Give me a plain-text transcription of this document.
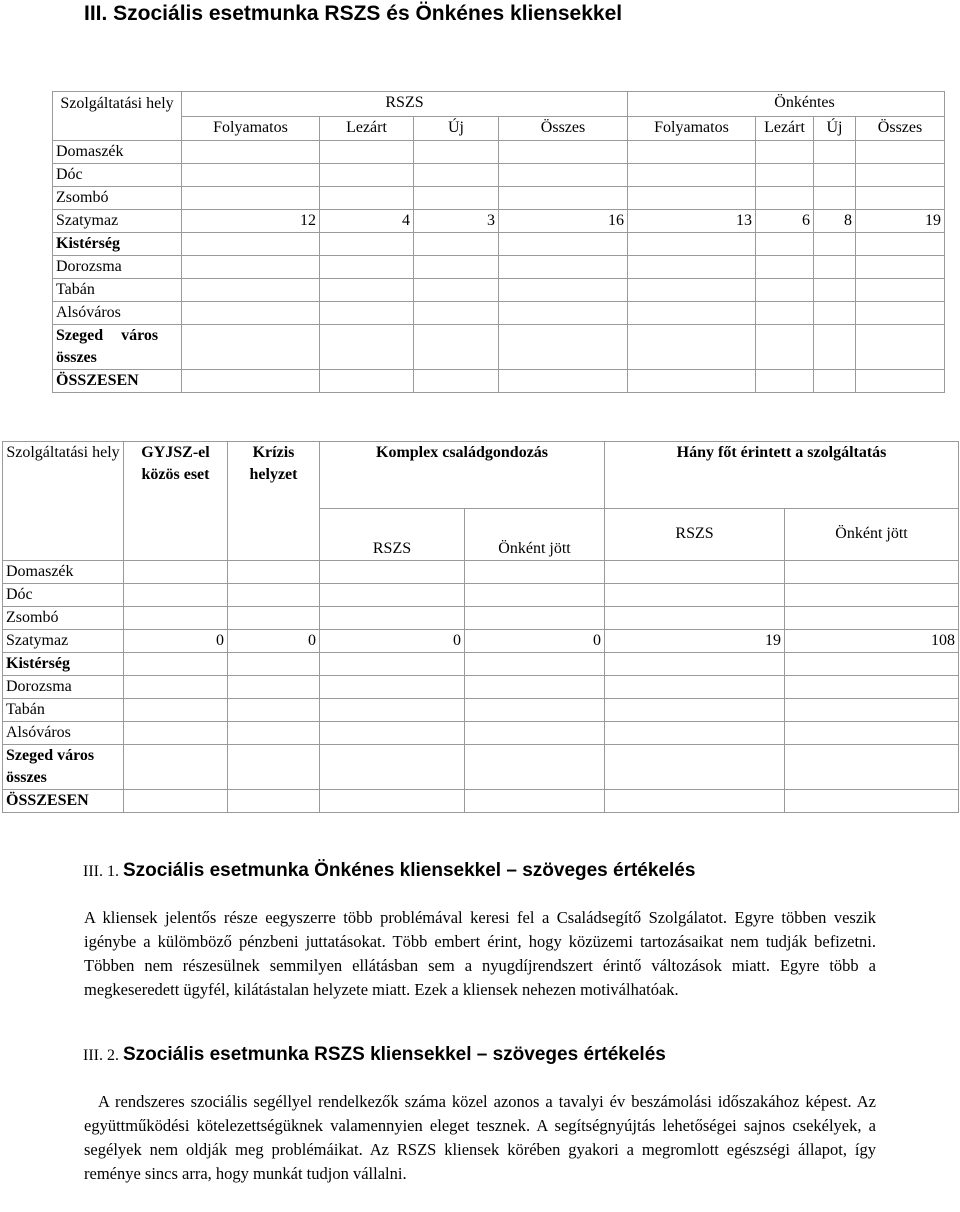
III. Szociális esetmunka RSZS és Önkénes kliensekkel
Szolgáltatási hely	RSZS				Önkéntes			
	Folyamatos	Lezárt	Új	Összes	Folyamatos	Lezárt	Új	Összes
Domaszék								
Dóc								
Zsombó								
Szatymaz	12	4	3	16	13	6	8	19
Kistérség								
Dorozsma								
Tabán								
Alsóváros								
Szeged város összes								
ÖSSZESEN								
Szolgáltatási hely	GYJSZ-el közös eset	Krízis helyzet	Komplex családgondozás		Hány főt érintett a szolgáltatás	
			RSZS	Önként jött	RSZS	Önként jött
Domaszék						
Dóc						
Zsombó						
Szatymaz	0	0	0	0	19	108
Kistérség						
Dorozsma						
Tabán						
Alsóváros						
Szeged város összes						
ÖSSZESEN						
III. 1. Szociális esetmunka Önkénes kliensekkel – szöveges értékelés
A kliensek jelentős része eegyszerre több problémával keresi fel a Családsegítő Szolgálatot. Egyre többen veszik igénybe a külömböző pénzbeni juttatásokat. Több embert érint, hogy közüzemi tartozásaikat nem tudják befizetni. Többen nem részesülnek semmilyen ellátásban sem a nyugdíjrendszert érintő változások miatt. Egyre több a megkeseredett ügyfél, kilátástalan helyzete miatt. Ezek a kliensek nehezen motiválhatóak.
III. 2. Szociális esetmunka RSZS kliensekkel – szöveges értékelés
A rendszeres szociális segéllyel rendelkezők száma közel azonos a tavalyi év beszámolási időszakához képest. Az együttműködési kötelezettségüknek valamennyien eleget tesznek. A segítségnyújtás lehetőségei sajnos csekélyek, a segélyek nem oldják meg problémáikat. Az RSZS kliensek körében gyakori a megromlott egészségi állapot, így reménye sincs arra, hogy munkát tudjon vállalni.
